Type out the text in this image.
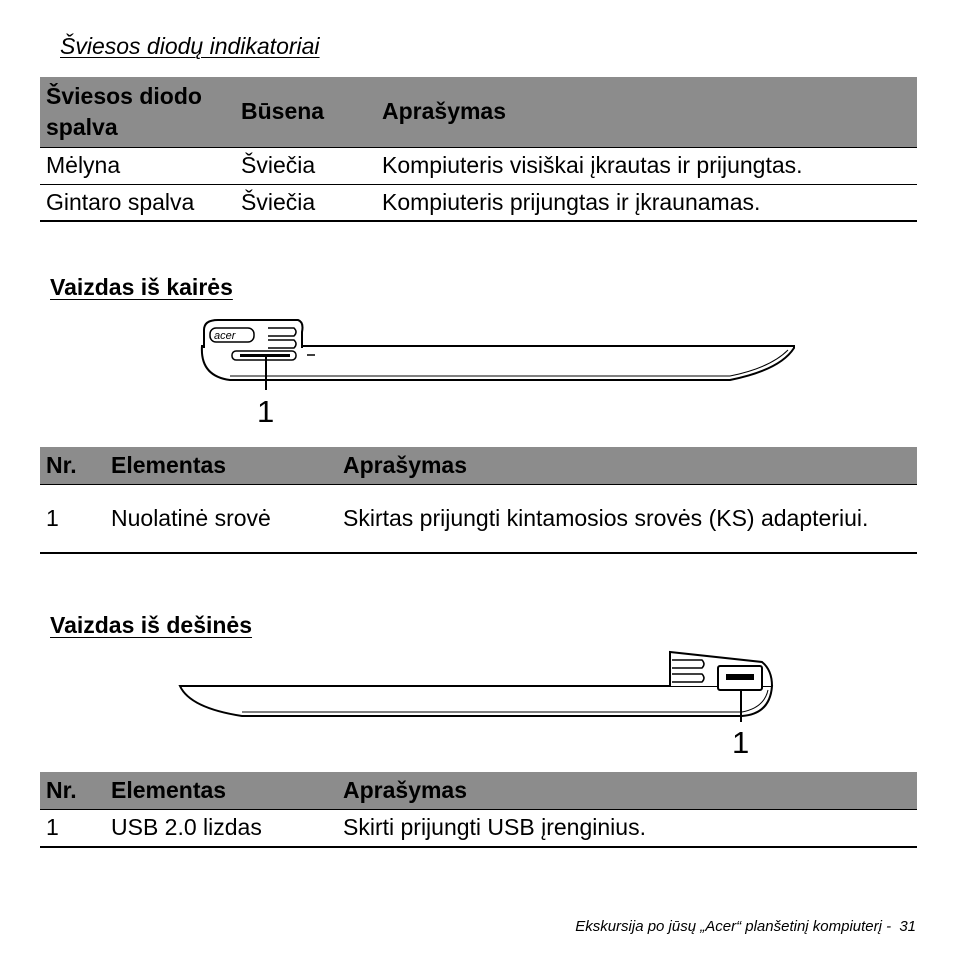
Šviesos diodų indikatoriai
Šviesos diodo spalva	Būsena	Aprašymas
Mėlyna	Šviečia	Kompiuteris visiškai įkrautas ir prijungtas.
Gintaro spalva	Šviečia	Kompiuteris prijungtas ir įkraunamas.
Vaizdas iš kairės
acer
1
Nr.	Elementas	Aprašymas
1	Nuolatinė srovė	Skirtas prijungti kintamosios srovės (KS) adapteriui.
Vaizdas iš dešinės
1
Nr.	Elementas	Aprašymas
1	USB 2.0 lizdas	Skirti prijungti USB įrenginius.
Ekskursija po jūsų „Acer“ planšetinį kompiuterį - 31
